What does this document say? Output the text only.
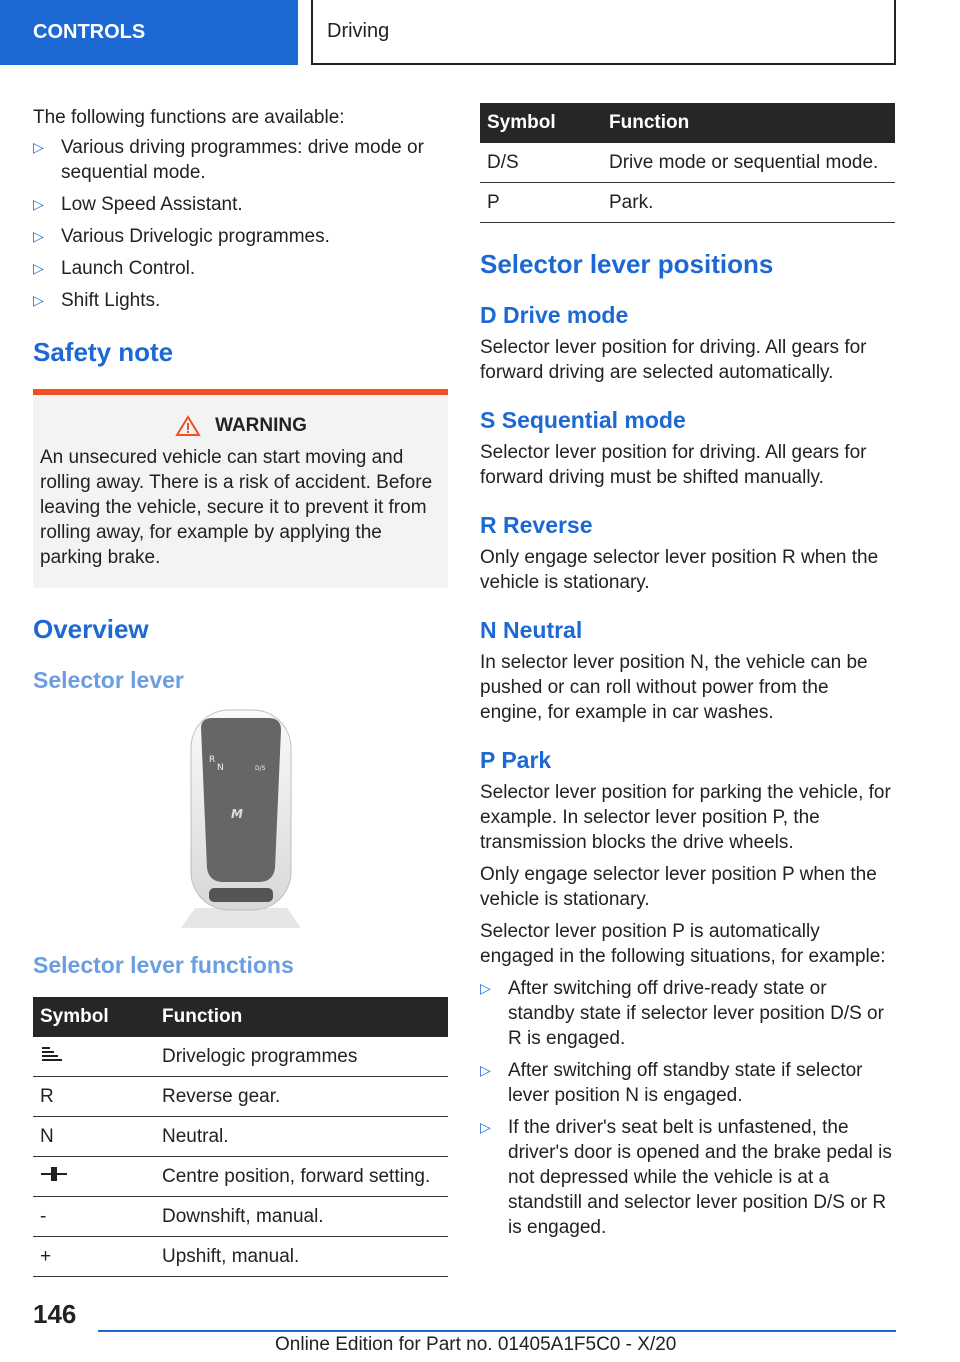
CONTROLS	Driving

The following functions are available:

▷ Various driving programmes: drive mode or sequential mode.
▷ Low Speed Assistant.
▷ Various Drivelogic programmes.
▷ Launch Control.
▷ Shift Lights.
Safety note
WARNING

An unsecured vehicle can start moving and rolling away. There is a risk of accident. Before leaving the vehicle, secure it to prevent it from rolling away, for example by applying the parking brake.

Overview
Selector lever
R
N	D/S
M
Selector lever functions
Symbol	Function
	Drivelogic programmes
R	Reverse gear.
N	Neutral.
	Centre position, forward setting.
-	Downshift, manual.
+	Upshift, manual.
Symbol	Function
D/S	Drive mode or sequential mode.
P	Park.
Selector lever positions
D Drive mode

Selector lever position for driving. All gears for forward driving are selected automatically.

S Sequential mode

Selector lever position for driving. All gears for forward driving must be shifted manually.

R Reverse

Only engage selector lever position R when the vehicle is stationary.

N Neutral

In selector lever position N, the vehicle can be pushed or can roll without power from the engine, for example in car washes.

P Park

Selector lever position for parking the vehicle, for example. In selector lever position P, the transmission blocks the drive wheels.

Only engage selector lever position P when the vehicle is stationary.

Selector lever position P is automatically engaged in the following situations, for example:

▷ After switching off drive-ready state or standby state if selector lever position D/S or R is engaged.
▷ After switching off standby state if selector lever position N is engaged.
▷ If the driver's seat belt is unfastened, the driver's door is opened and the brake pedal is not depressed while the vehicle is at a standstill and selector lever position D/S or R is engaged.
146
Online Edition for Part no. 01405A1F5C0 - X/20
